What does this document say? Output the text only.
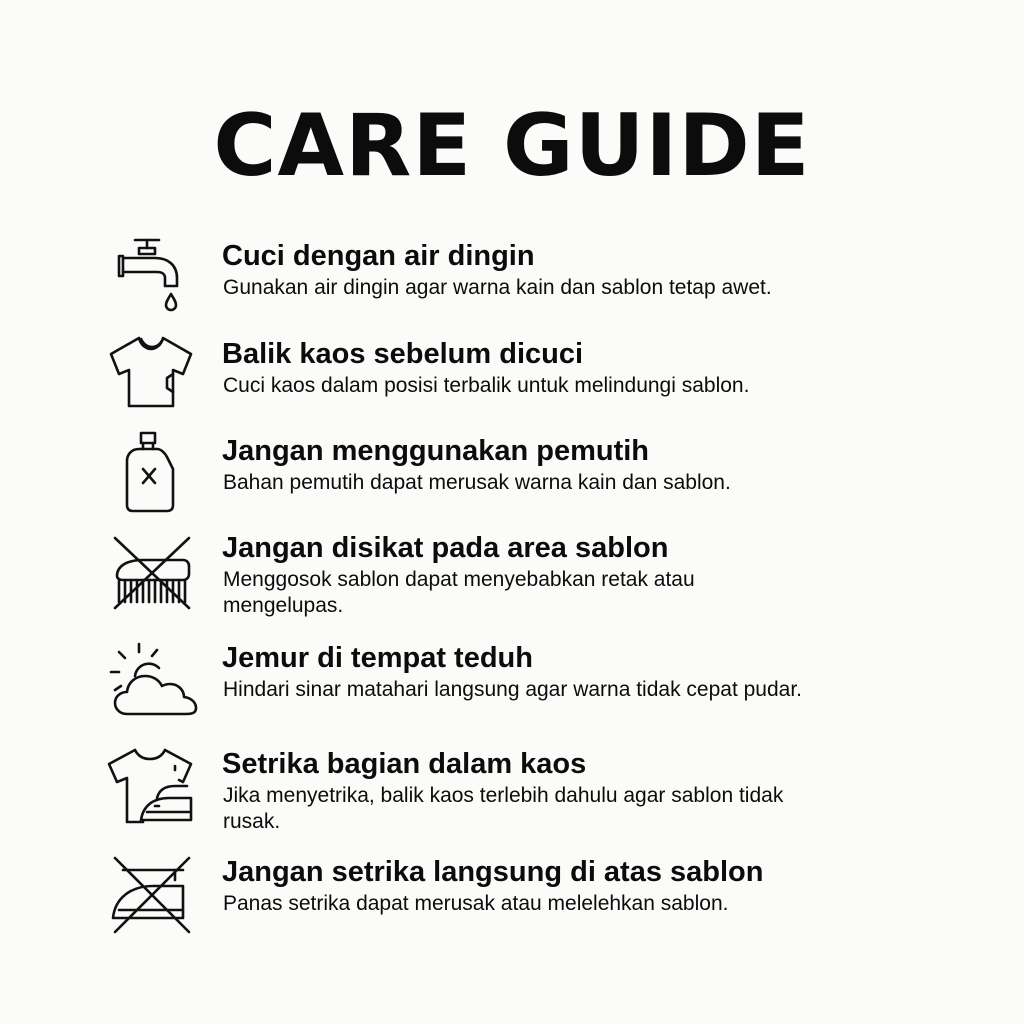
CARE GUIDE
Cuci dengan air dingin
Gunakan air dingin agar warna kain dan sablon tetap awet.
Balik kaos sebelum dicuci
Cuci kaos dalam posisi terbalik untuk melindungi sablon.
Jangan menggunakan pemutih
Bahan pemutih dapat merusak warna kain dan sablon.
Jangan disikat pada area sablon
Menggosok sablon dapat menyebabkan retak atau mengelupas.
Jemur di tempat teduh
Hindari sinar matahari langsung agar warna tidak cepat pudar.
Setrika bagian dalam kaos
Jika menyetrika, balik kaos terlebih dahulu agar sablon tidak rusak.
Jangan setrika langsung di atas sablon
Panas setrika dapat merusak atau melelehkan sablon.
